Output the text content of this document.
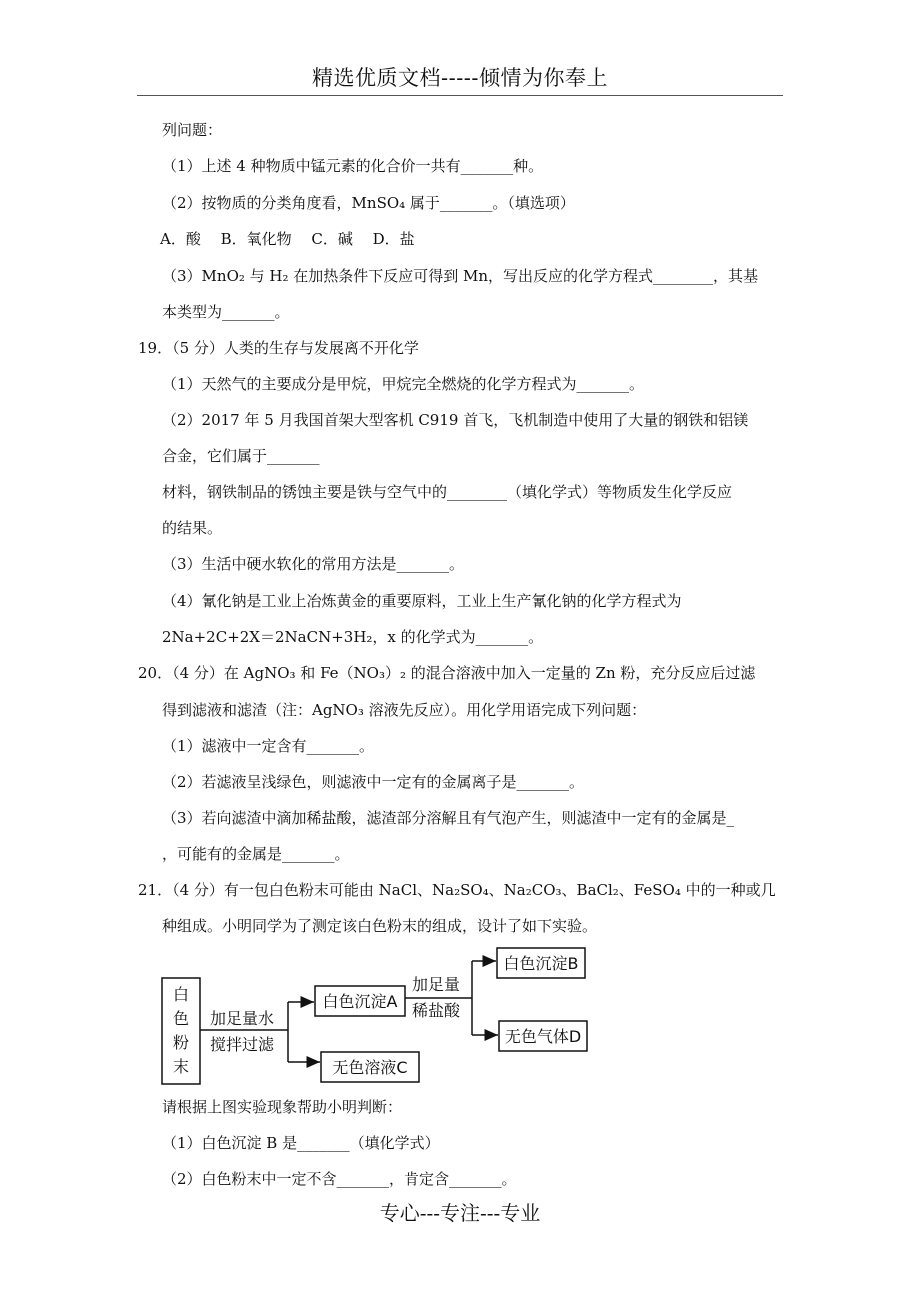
精选优质文档-----倾情为你奉上
列问题：
（1）上述 4 种物质中锰元素的化合价一共有_______种。
（2）按物质的分类角度看，MnSO₄ 属于_______。（填选项）
A．酸　 B．氧化物　 C．碱　 D．盐
（3）MnO₂ 与 H₂ 在加热条件下反应可得到 Mn，写出反应的化学方程式________，其基
本类型为_______。
19．（5 分）人类的生存与发展离不开化学
（1）天然气的主要成分是甲烷，甲烷完全燃烧的化学方程式为_______。
（2）2017 年 5 月我国首架大型客机 C919 首飞，飞机制造中使用了大量的钢铁和铝镁
合金，它们属于_______
材料，钢铁制品的锈蚀主要是铁与空气中的________（填化学式）等物质发生化学反应
的结果。
（3）生活中硬水软化的常用方法是_______。
（4）氰化钠是工业上冶炼黄金的重要原料，工业上生产氰化钠的化学方程式为
2Na+2C+2X＝2NaCN+3H₂，x 的化学式为_______。
20．（4 分）在 AgNO₃ 和 Fe（NO₃）₂ 的混合溶液中加入一定量的 Zn 粉，充分反应后过滤
得到滤液和滤渣（注：AgNO₃ 溶液先反应）。用化学用语完成下列问题：
（1）滤液中一定含有_______。
（2）若滤液呈浅绿色，则滤液中一定有的金属离子是_______。
（3）若向滤渣中滴加稀盐酸，滤渣部分溶解且有气泡产生，则滤渣中一定有的金属是_
，可能有的金属是_______。
21．（4 分）有一包白色粉末可能由 NaCl、Na₂SO₄、Na₂CO₃、BaCl₂、FeSO₄ 中的一种或几
种组成。小明同学为了测定该白色粉末的组成，设计了如下实验。
白
色
粉
末
加足量水
搅拌过滤
白色沉淀A
无色溶液C
加足量
稀盐酸
白色沉淀B
无色气体D
请根据上图实验现象帮助小明判断：
（1）白色沉淀 B 是_______（填化学式）
（2）白色粉末中一定不含_______，肯定含_______。
专心---专注---专业
